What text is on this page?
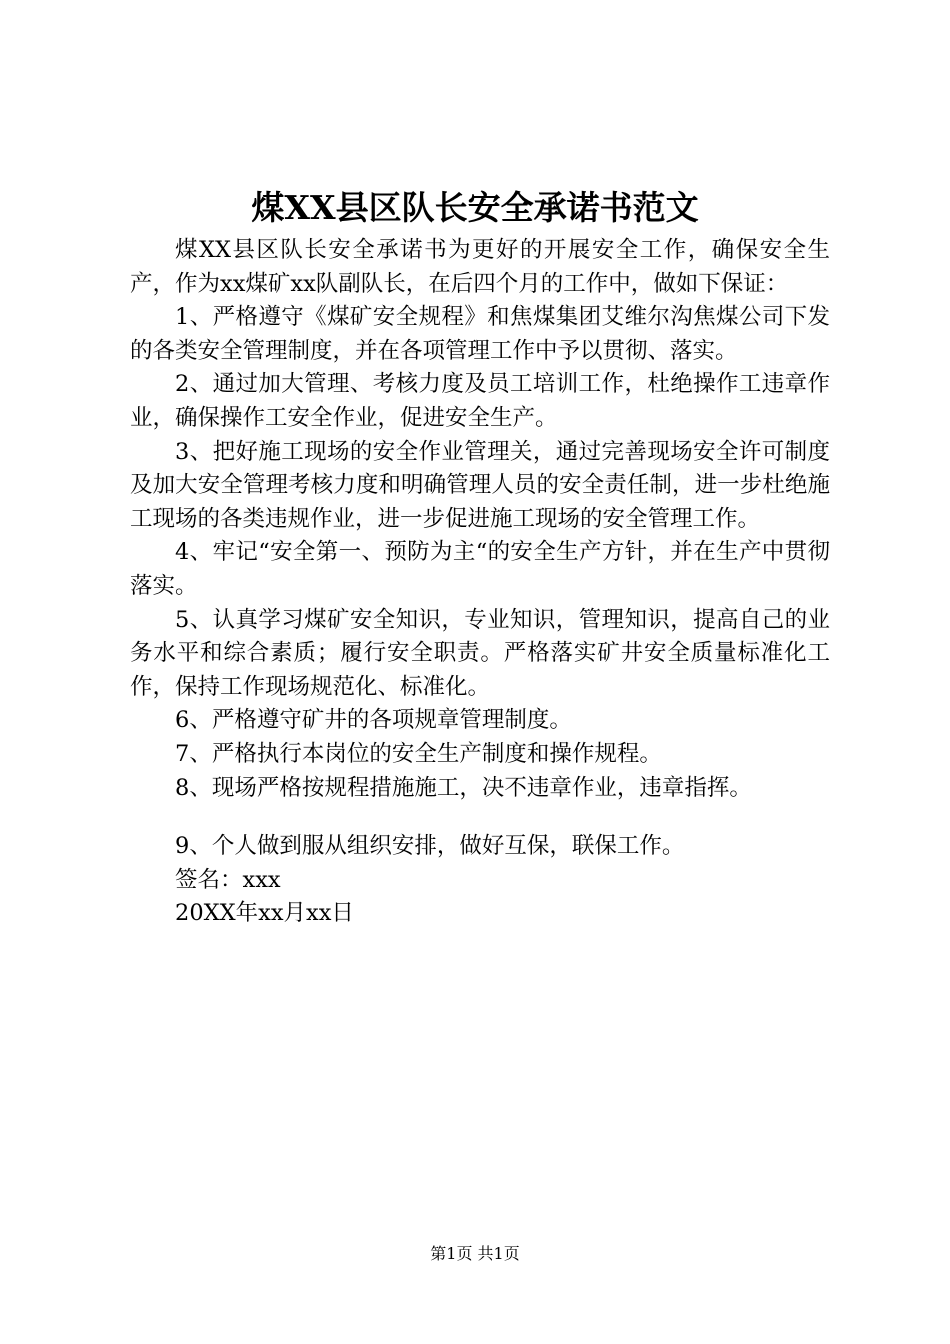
煤XX县区队长安全承诺书范文

煤XX县区队长安全承诺书为更好的开展安全工作，确保安全生产，作为xx煤矿xx队副队长，在后四个月的工作中，做如下保证：

1、严格遵守《煤矿安全规程》和焦煤集团艾维尔沟焦煤公司下发的各类安全管理制度，并在各项管理工作中予以贯彻、落实。

2、通过加大管理、考核力度及员工培训工作，杜绝操作工违章作业，确保操作工安全作业，促进安全生产。

3、把好施工现场的安全作业管理关，通过完善现场安全许可制度及加大安全管理考核力度和明确管理人员的安全责任制，进一步杜绝施工现场的各类违规作业，进一步促进施工现场的安全管理工作。

4、牢记“安全第一、预防为主“的安全生产方针，并在生产中贯彻落实。

5、认真学习煤矿安全知识，专业知识，管理知识，提高自己的业务水平和综合素质；履行安全职责。严格落实矿井安全质量标准化工作，保持工作现场规范化、标准化。

6、严格遵守矿井的各项规章管理制度。

7、严格执行本岗位的安全生产制度和操作规程。

8、现场严格按规程措施施工，决不违章作业，违章指挥。

9、个人做到服从组织安排，做好互保，联保工作。

签名：xxx

20XX年xx月xx日

第1页 共1页
